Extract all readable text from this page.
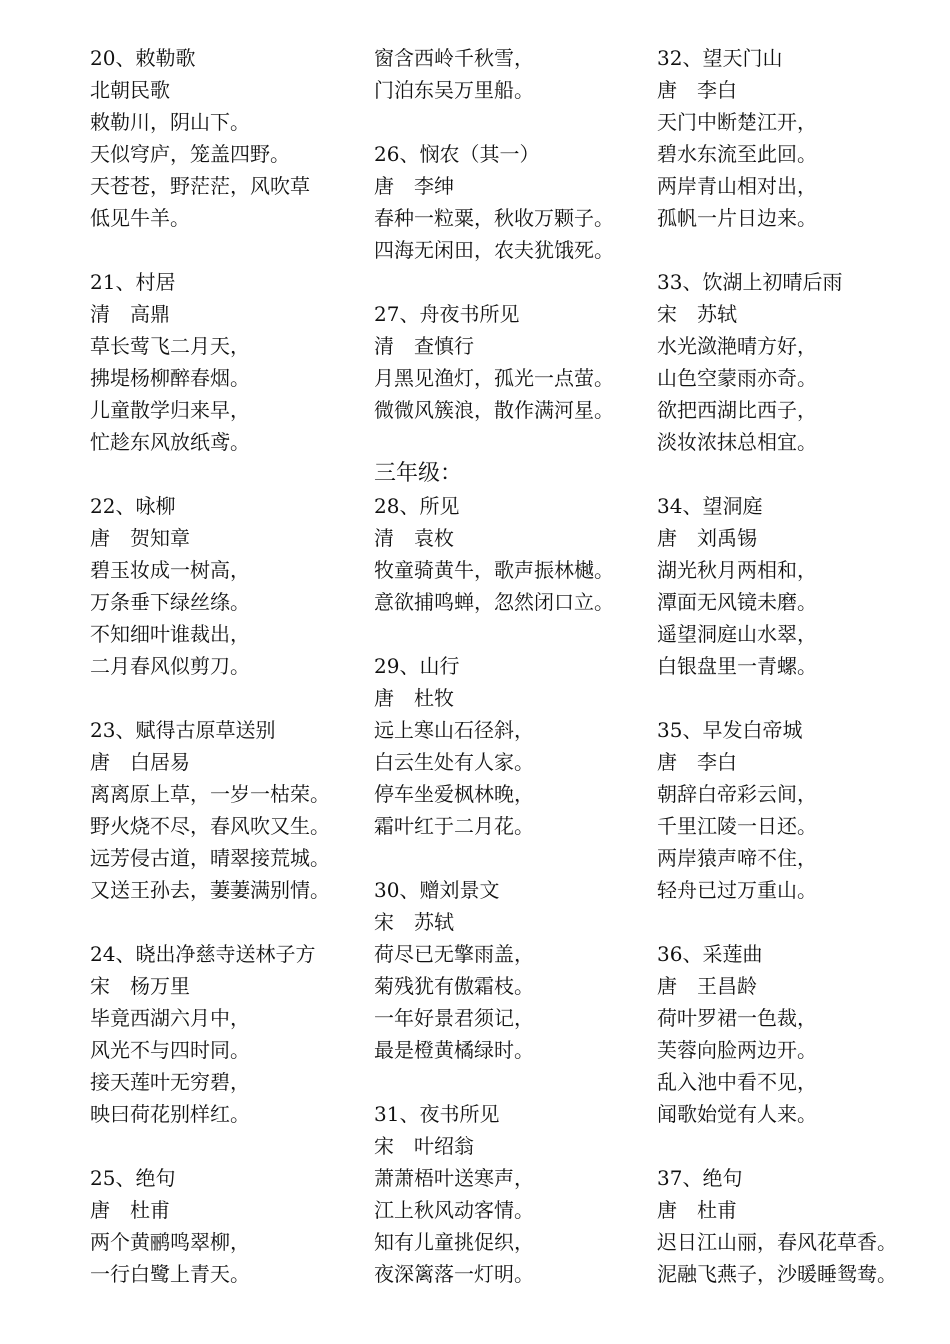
20、敕勒歌
北朝民歌
敕勒川，阴山下。
天似穹庐，笼盖四野。
天苍苍，野茫茫，风吹草
低见牛羊。
21、村居
清　高鼎
草长莺飞二月天，
拂堤杨柳醉春烟。
儿童散学归来早，
忙趁东风放纸鸢。
22、咏柳
唐　贺知章
碧玉妆成一树高，
万条垂下绿丝绦。
不知细叶谁裁出，
二月春风似剪刀。
23、赋得古原草送别
唐　白居易
离离原上草，一岁一枯荣。
野火烧不尽，春风吹又生。
远芳侵古道，晴翠接荒城。
又送王孙去，萋萋满别情。
24、晓出净慈寺送林子方
宋　杨万里
毕竟西湖六月中，
风光不与四时同。
接天莲叶无穷碧，
映曰荷花别样红。
25、绝句
唐　杜甫
两个黄鹂鸣翠柳，
一行白鹭上青天。
窗含西岭千秋雪，
门泊东吴万里船。
26、悯农（其一）
唐　李绅
春种一粒粟，秋收万颗子。
四海无闲田，农夫犹饿死。
27、舟夜书所见
清　查慎行
月黑见渔灯，孤光一点萤。
微微风簇浪，散作满河星。
三年级：
28、所见
清　袁枚
牧童骑黄牛，歌声振林樾。
意欲捕鸣蝉，忽然闭口立。
29、山行
唐　杜牧
远上寒山石径斜，
白云生处有人家。
停车坐爱枫林晚，
霜叶红于二月花。
30、赠刘景文
宋　苏轼
荷尽已无擎雨盖，
菊残犹有傲霜枝。
一年好景君须记，
最是橙黄橘绿时。
31、夜书所见
宋　叶绍翁
萧萧梧叶送寒声，
江上秋风动客情。
知有儿童挑促织，
夜深篱落一灯明。
32、望天门山
唐　李白
天门中断楚江开，
碧水东流至此回。
两岸青山相对出，
孤帆一片日边来。
33、饮湖上初晴后雨
宋　苏轼
水光潋滟晴方好，
山色空蒙雨亦奇。
欲把西湖比西子，
淡妆浓抹总相宜。
34、望洞庭
唐　刘禹锡
湖光秋月两相和，
潭面无风镜未磨。
遥望洞庭山水翠，
白银盘里一青螺。
35、早发白帝城
唐　李白
朝辞白帝彩云间，
千里江陵一日还。
两岸猿声啼不住，
轻舟已过万重山。
36、采莲曲
唐　王昌龄
荷叶罗裙一色裁，
芙蓉向脸两边开。
乱入池中看不见，
闻歌始觉有人来。
37、绝句
唐　杜甫
迟日江山丽，春风花草香。
泥融飞燕子，沙暖睡鸳鸯。
